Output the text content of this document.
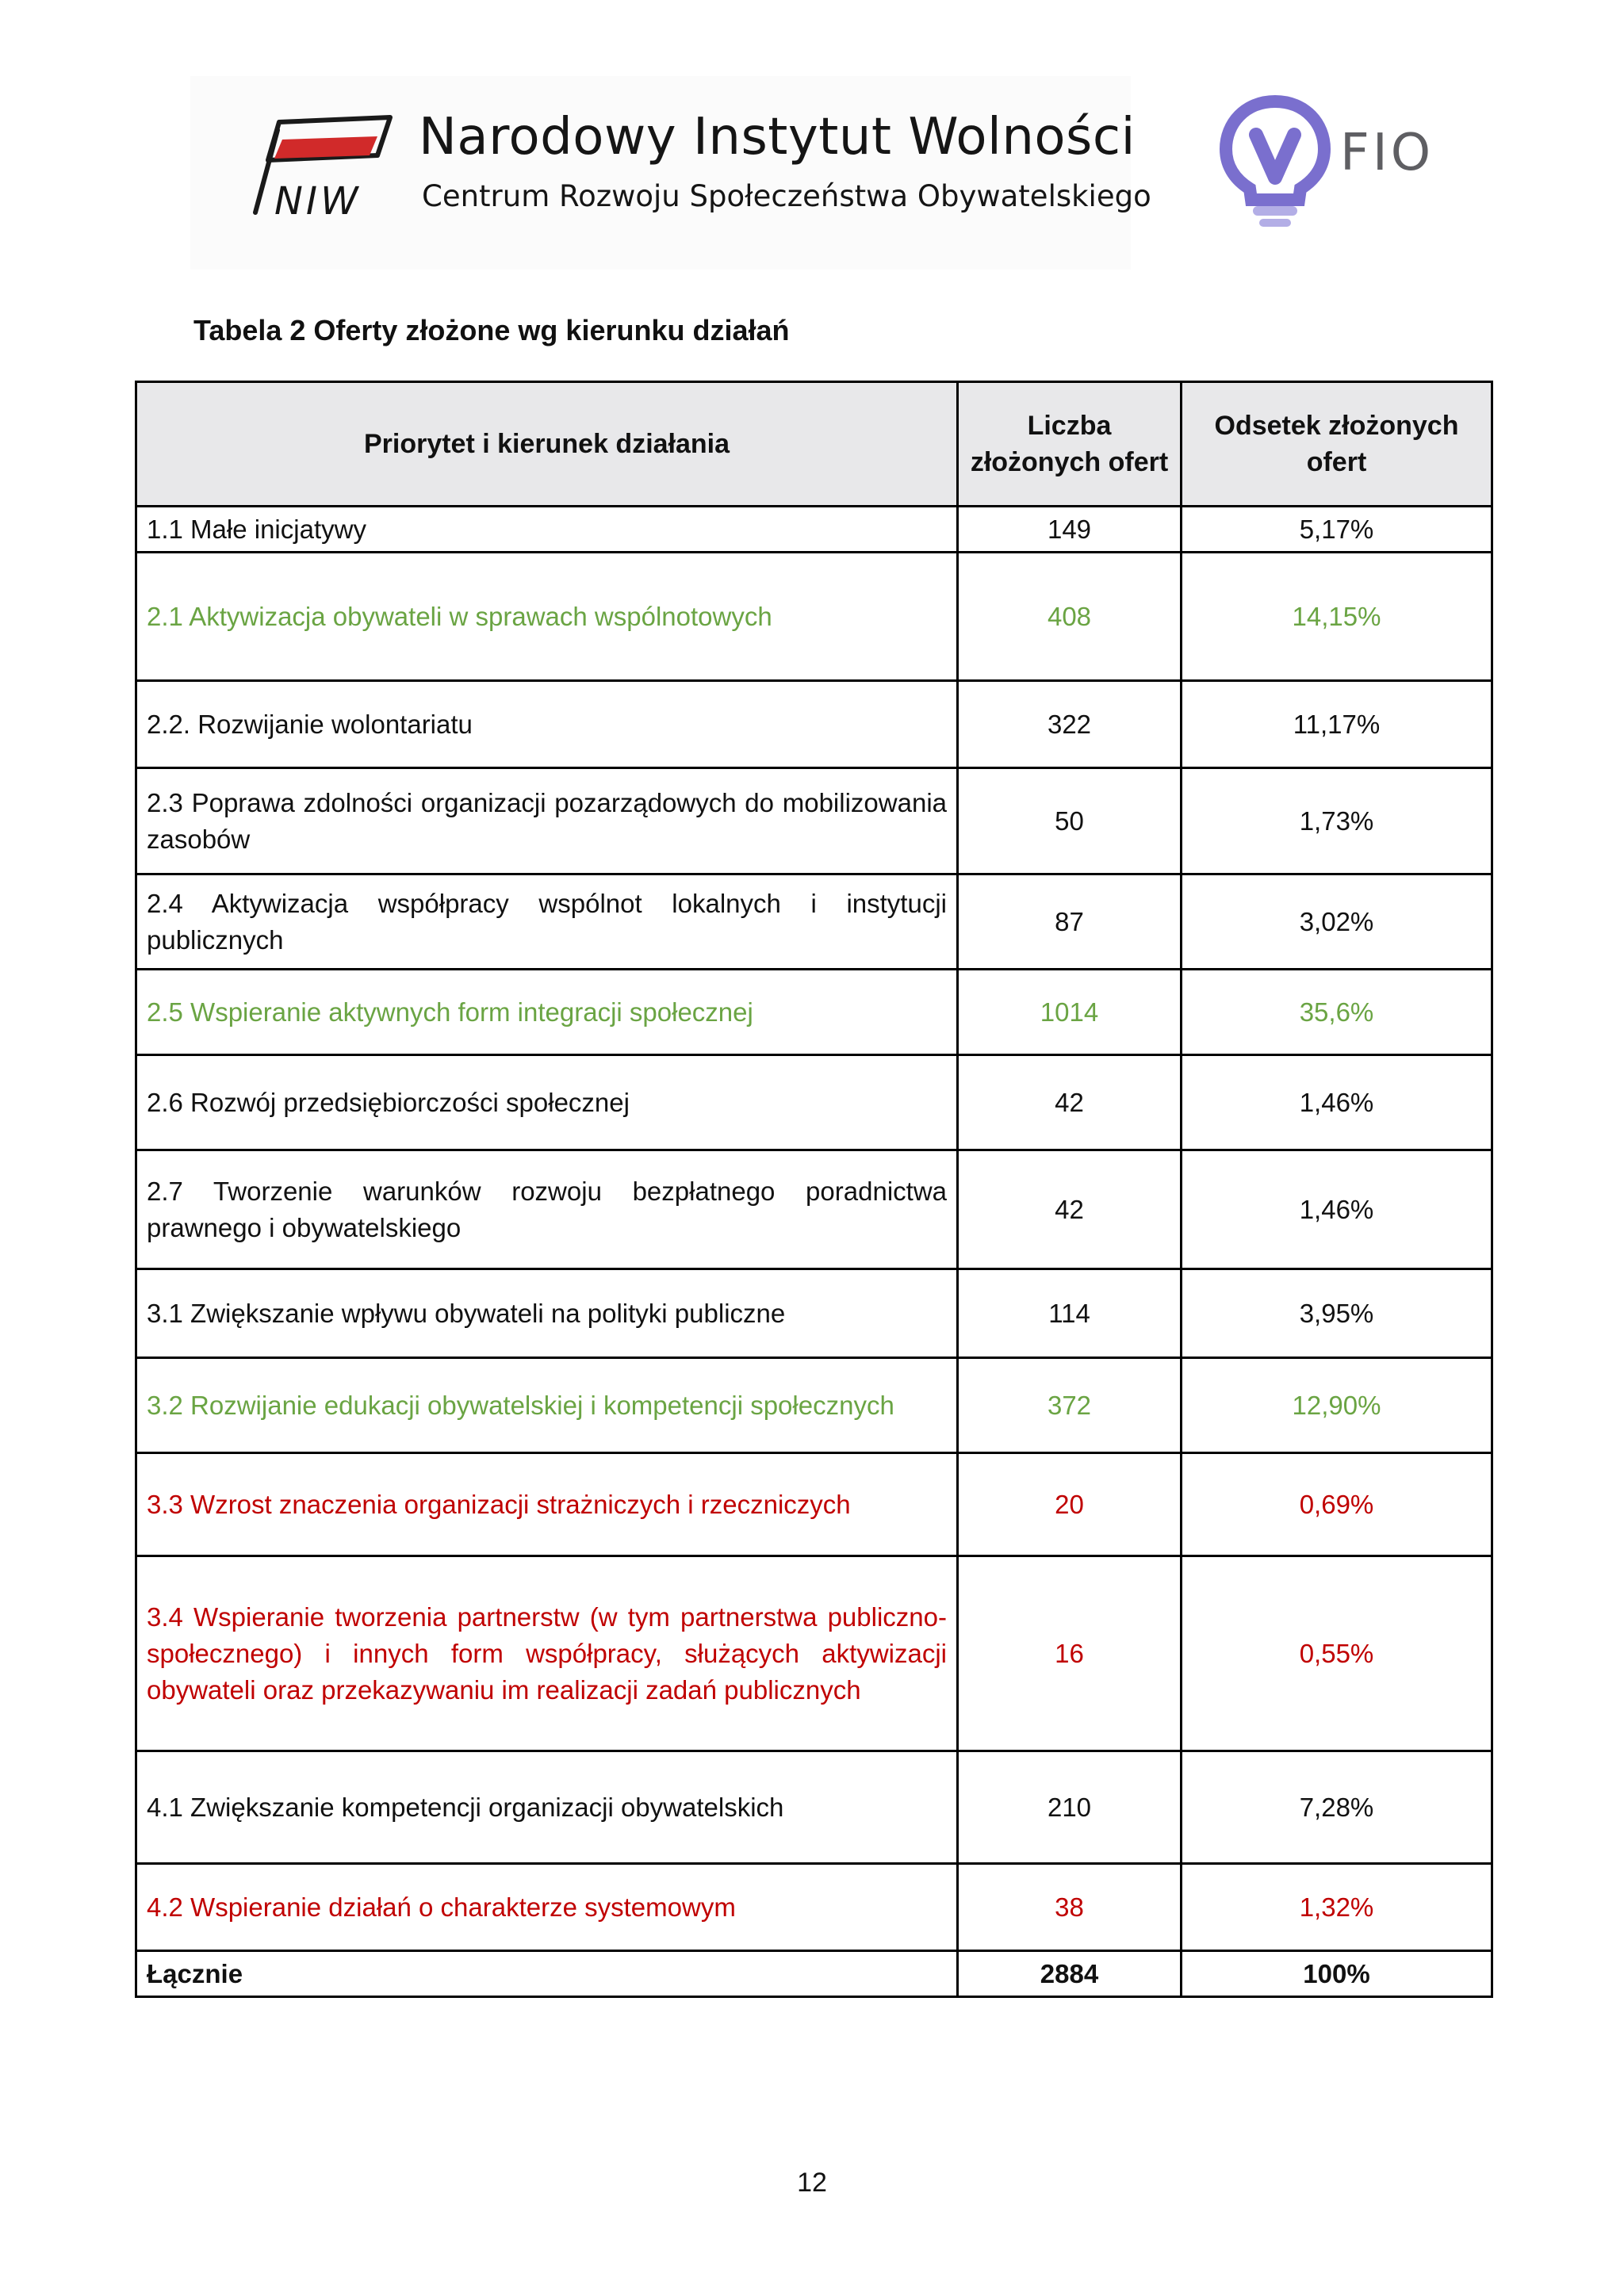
NIW
Narodowy Instytut Wolności
Centrum Rozwoju Społeczeństwa Obywatelskiego
FIO
Tabela 2 Oferty złożone wg kierunku działań
Priorytet i kierunek działania	Liczba złożonych ofert	Odsetek złożonych ofert
1.1 Małe inicjatywy	149	5,17%
2.1 Aktywizacja obywateli w sprawach wspólnotowych	408	14,15%
2.2. Rozwijanie wolontariatu	322	11,17%
2.3 Poprawa zdolności organizacji pozarządowych do mobilizowania zasobów	50	1,73%
2.4 Aktywizacja współpracy wspólnot lokalnych i instytucji publicznych	87	3,02%
2.5 Wspieranie aktywnych form integracji społecznej	1014	35,6%
2.6 Rozwój przedsiębiorczości społecznej	42	1,46%
2.7 Tworzenie warunków rozwoju bezpłatnego poradnictwa prawnego i obywatelskiego	42	1,46%
3.1 Zwiększanie wpływu obywateli na polityki publiczne	114	3,95%
3.2 Rozwijanie edukacji obywatelskiej i kompetencji społecznych	372	12,90%
3.3 Wzrost znaczenia organizacji strażniczych i rzeczniczych	20	0,69%
3.4 Wspieranie tworzenia partnerstw (w tym partnerstwa publiczno-społecznego) i innych form współpracy, służących aktywizacji obywateli oraz przekazywaniu im realizacji zadań publicznych	16	0,55%
4.1 Zwiększanie kompetencji organizacji obywatelskich	210	7,28%
4.2 Wspieranie działań o charakterze systemowym	38	1,32%
Łącznie	2884	100%
12
